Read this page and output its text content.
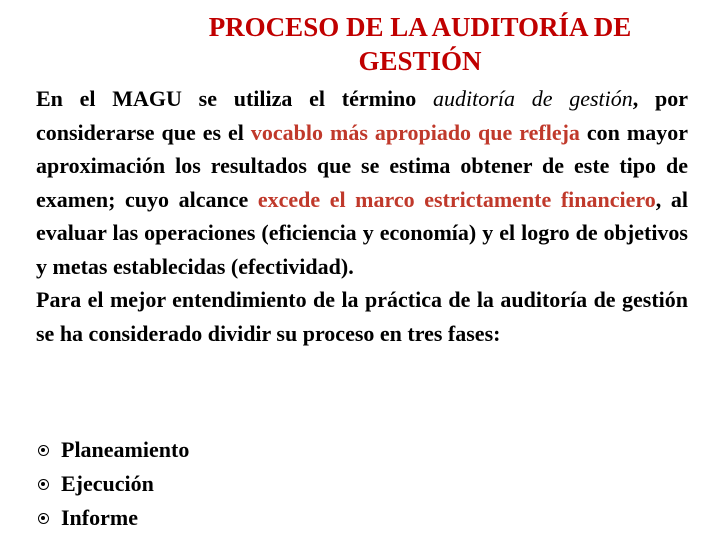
PROCESO DE LA AUDITORÍA DE
GESTIÓN

En el MAGU se utiliza el término auditoría de gestión, por considerarse que es el vocablo más apropiado que refleja con mayor aproximación los resultados que se estima obtener de este tipo de examen; cuyo alcance excede el marco estrictamente financiero, al evaluar las operaciones (eficiencia y economía) y el logro de objetivos y metas establecidas (efectividad).

Para el mejor entendimiento de la práctica de la auditoría de gestión se ha considerado dividir su proceso en tres fases:

Planeamiento
Ejecución
Informe
